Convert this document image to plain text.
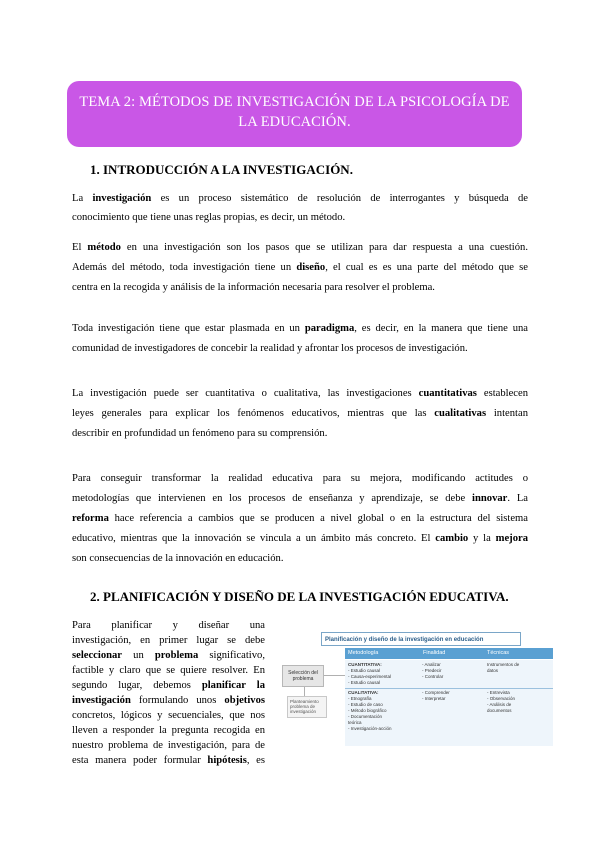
TEMA 2: MÉTODOS DE INVESTIGACIÓN DE LA PSICOLOGÍA DE

LA EDUCACIÓN.

1. INTRODUCCIÓN A LA INVESTIGACIÓN.

La investigación es un proceso sistemático de resolución de interrogantes y búsqueda de

conocimiento que tiene unas reglas propias, es decir, un método.

El método en una investigación son los pasos que se utilizan para dar respuesta a una cuestión.

Además del método, toda investigación tiene un diseño, el cual es es una parte del método que se

centra en la recogida y análisis de la información necesaria para resolver el problema.

Toda investigación tiene que estar plasmada en un paradigma, es decir, en la manera que tiene una

comunidad de investigadores de concebir la realidad y afrontar los procesos de investigación.

La investigación puede ser cuantitativa o cualitativa, las investigaciones cuantitativas establecen

leyes generales para explicar los fenómenos educativos, mientras que las cualitativas intentan

describir en profundidad un fenómeno para su comprensión.

Para conseguir transformar la realidad educativa para su mejora, modificando actitudes o

metodologías que intervienen en los procesos de enseñanza y aprendizaje, se debe innovar. La

reforma hace referencia a cambios que se producen a nivel global o en la estructura del sistema

educativo, mientras que la innovación se vincula a un ámbito más concreto. El cambio y la mejora

son consecuencias de la innovación en educación.

2. PLANIFICACIÓN Y DISEÑO DE LA INVESTIGACIÓN EDUCATIVA.

Para planificar y diseñar una

investigación, en primer lugar se debe

seleccionar un problema significativo,

factible y claro que se quiere resolver. En

segundo lugar, debemos planificar la

investigación formulando unos objetivos

concretos, lógicos y secuenciales, que nos

lleven a responder la pregunta recogida en

nuestro problema de investigación, para de

esta manera poder formular hipótesis, es

Planificación y diseño de la investigación en educación
Selección del problema
Planteamiento problema de investigación
Metodología	Finalidad	Técnicas
CUANTITATIVA:
- Estudio causal
- Causa-experimental
- Estudio causal
- Analizar
- Predecir
- Controlar
Instrumentos de
datos
CUALITATIVA:
- Etnografía
- Estudio de caso
- Método biográfico
- Documentación
teórica
- Investigación-acción
- Comprender
- Interpretar
- Entrevista
- Observación
- Análisis de
documentos
